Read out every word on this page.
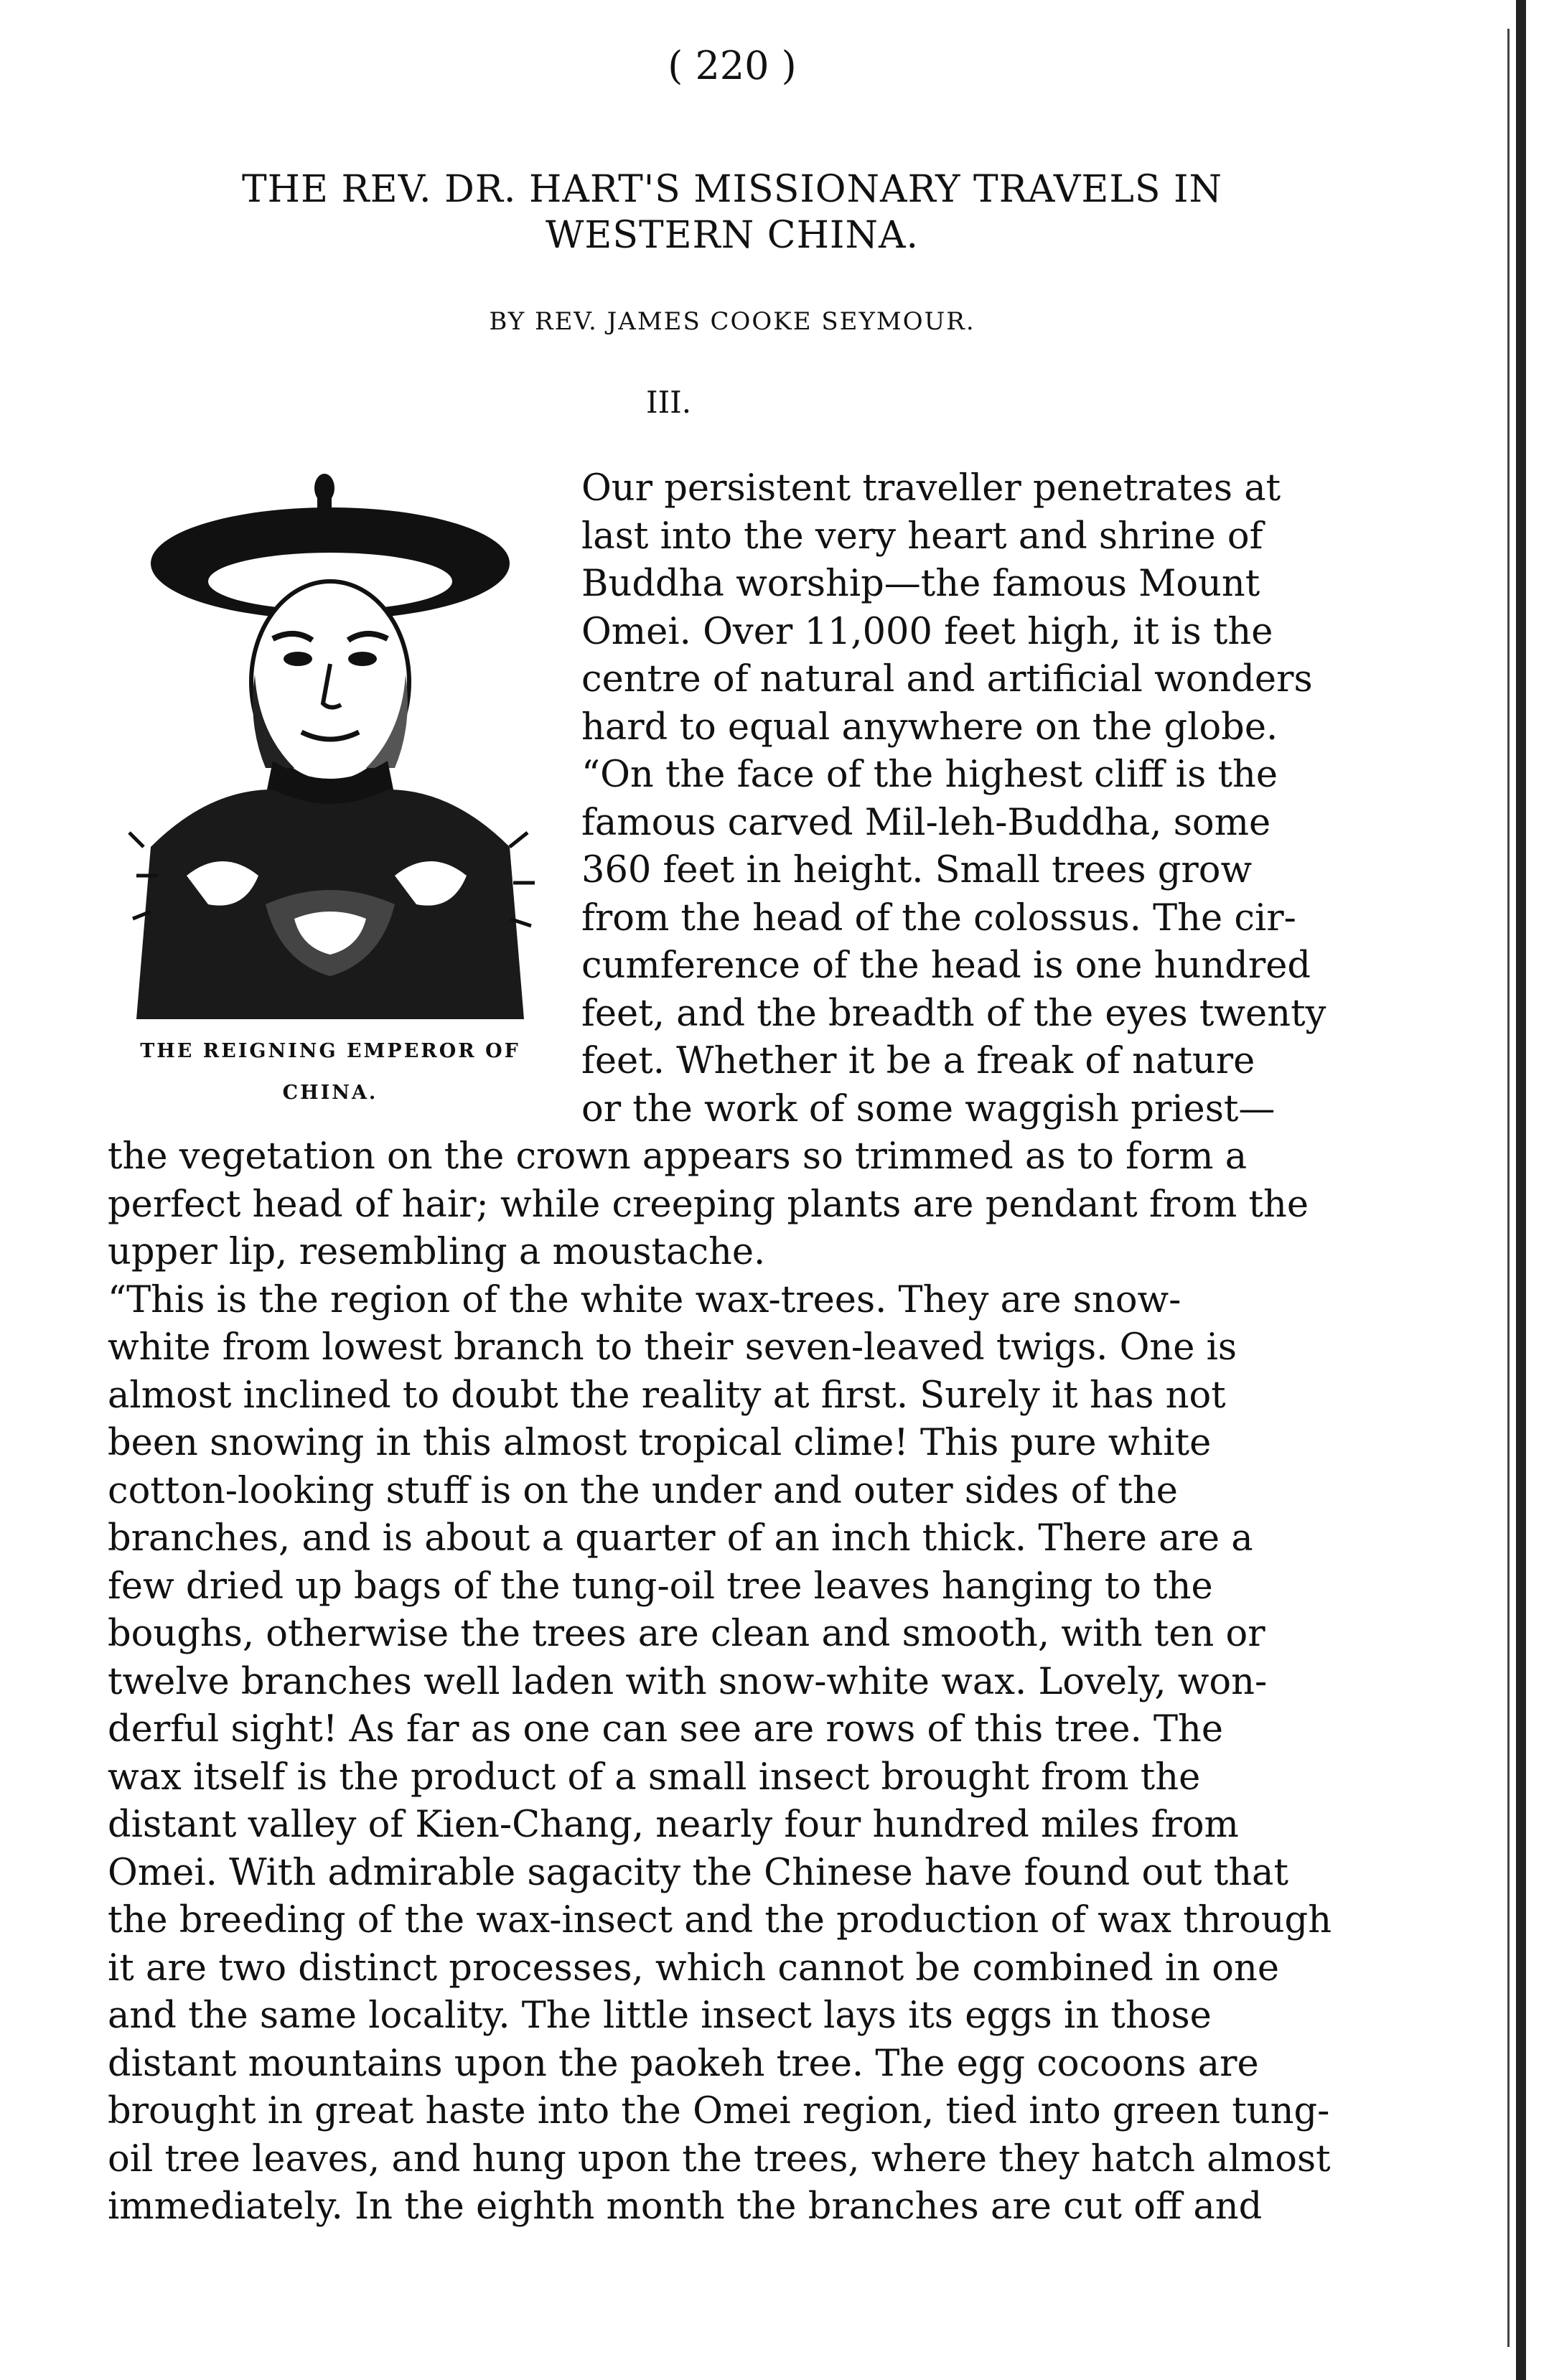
( 220 )
THE REV. DR. HART'S MISSIONARY TRAVELS IN
WESTERN CHINA.
BY REV. JAMES COOKE SEYMOUR.
III.
THE REIGNING EMPEROR OF
CHINA.
Our persistent traveller penetrates at
last into the very heart and shrine of
Buddha worship—the famous Mount
Omei. Over 11,000 feet high, it is the
centre of natural and artificial wonders
hard to equal anywhere on the globe.
“On the face of the highest cliff is the
famous carved Mil-leh-Buddha, some
360 feet in height. Small trees grow
from the head of the colossus. The cir-
cumference of the head is one hundred
feet, and the breadth of the eyes twenty
feet. Whether it be a freak of nature
or the work of some waggish priest—
the vegetation on the crown appears so trimmed as to form a
perfect head of hair; while creeping plants are pendant from the
upper lip, resembling a moustache.
“This is the region of the white wax-trees. They are snow-
white from lowest branch to their seven-leaved twigs. One is
almost inclined to doubt the reality at first. Surely it has not
been snowing in this almost tropical clime! This pure white
cotton-looking stuff is on the under and outer sides of the
branches, and is about a quarter of an inch thick. There are a
few dried up bags of the tung-oil tree leaves hanging to the
boughs, otherwise the trees are clean and smooth, with ten or
twelve branches well laden with snow-white wax. Lovely, won-
derful sight! As far as one can see are rows of this tree. The
wax itself is the product of a small insect brought from the
distant valley of Kien-Chang, nearly four hundred miles from
Omei. With admirable sagacity the Chinese have found out that
the breeding of the wax-insect and the production of wax through
it are two distinct processes, which cannot be combined in one
and the same locality. The little insect lays its eggs in those
distant mountains upon the paokeh tree. The egg cocoons are
brought in great haste into the Omei region, tied into green tung-
oil tree leaves, and hung upon the trees, where they hatch almost
immediately. In the eighth month the branches are cut off and
